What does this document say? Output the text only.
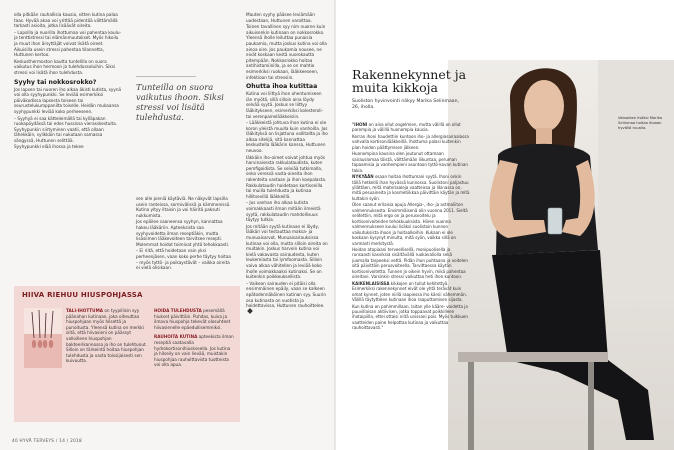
olla pitkään rauhallisia kausia, sitten kutina palaa taas. Hyvää akaa voi yrittää pidentää välttämällä tarkasti asioita, jotka lisäävät oireita.

– Lapsilla ja nuorilla ihottumaa voi pahentaa koulu- ja tenttistressi tai elämänmuutokset. Myös hikoilu ja muut ihon ärsyttäjät voivat lisätä oireet. Aikuisilla usein stressi pahentaa tilannetta, Huttunen kertoo.

Keskusthermoston kautta tuntelilla on suora vaikutus ihon hermoon ja tulehdussoluihin. Siksi stressi voi lisätä ihon tulehdusta.

Syyhy tai nokkosrokko?

Jos lapsen tai nuoren iho alkaa äkisti kutista, syynä voi olla syyhypunkki. Se leviää esimerkiksi päiväkodissa lapsesta toiseen tai seurustelukumppanilta toiselle. Heidän mukaansa syyhypunkki leviää koko perheeseen.

– Syyhyä ei saa kätteleimällä tai kylläpakan ruokapöydässä tai edes hussissa vierasskestuita. Syyhypunkin siirtyminen vaatii, että ollaan lähekkäin, sylikkäin tai nukutaan samassa sängyssä, Huttunen selittää.

Syyhypunkki elää ihossa ja tekee

Tunteilla on suora vaikutus ihoon. Siksi stressi voi lisätä tulehdusta.

sen alle pieniä käytäviä. Ne näkyvät lapsilla usein ranteissa, sormivälissä ja kämmenissä. Kutina yltyy iltaisin ja voi häiritä paksuti nukkumista.

Jos epäilee saaneensa syyhyn, kannattaa hakeu lääkäriin. Apteeksista saa syyhyvoidetta ilman reseptiäkin, mutta lisäsiimen lääkevoiteen tarvitsee resepti. Molemmat hoidot toimivat yhtä tehokkaasti.

– Ei riitä, että hoidetaan vain yksi perheenjäsen, vaan koko perhe täytyy hoitaa – myös tyttö- ja poikaystävät – vaikka oireita ei vielä olisikaan.

Mauten syyhy pääsee leviämään uudestaan, Huttunen varoittaa.

Toinen tavallinen syy nim nuoren kuin aikuisenkin kutinaan on nokkosrokko. Yleensä iholle leiluttaa punaisia paukamia, mutta joskus kutina voi olla ainoa oire. Jos paukamia nousee, ne eivät koskaan kestä vuorokautta pitempään. Nokkosrokko hoitaa antihistamiinilla, ja se on mahtio esimerkiksi ruokaan, lääkkeeseen, infektioon tai stressiin.

Ohutta ihoa kutittaa

Kutina voi liittyä ihon ohentumiseen iän myötä, sillä silloin aina löydy selvää syytä. Joskus se liittyy lääkitykseen, esimerkiksi kolesteroli- tai verenpainelääkkeisiin.

– Lääkkeistä johtuva ihon kutina ei ole koron yleistä muulla kuin vanhoilla. Jos lääkityksä on lisjattuna vallitallta ja iho alkaa sitelijä, sitä kannattaa keskustella lääkärin kanssa, Huttunen neuvoo.

Iäkkäiin iho-oireet voivat johtua myös harvinaisesta rakkulataudista, kuten pemfigoidista. Se selviää tutkimalla, onko veressä vasta-aineita ihon rakenteita vastaan ja ihon koepalasta. Rakkulataudin hoidetaan kortisonilla tai muilla tulehdusta ja kutinaa hillitsevillä lääkkeillä.

– Jos vanhan iho alkaa kutista voimakkaasti ilman mitään ilmeistä syytä, rakkulataudin mahdollisuus täytyy tutkia.

Jos mitään syytä kutinaan ei löydy, lääkäri voi testauttaa maksa- ja munuaisarvot. Munuaisairauksissa kutinaa voi olla, mutta silloin oireita on muitakin. Joskus harvoin kutina voi kielä vakavasta sairaudesta, kuten leukemiasta tai lymfoomasta. Silloin vaiva alkaa vähitellen ja leviää koko iholle voimakkaaksi kutinaksi. Se on kuitenkin poikkeuksellista.

– Vaikean sairauden ei pitäisi olla ensimmäinen epäily, vaan se kalkeen epätodennäköinen kutinan syy. Suurin osa kutinasta on vuotista ja hoidettavissa, Huttunen rauhoittelee.

HIIVA RIEHUU HIUSPOHJASSA
TALI-IHOTTUMA on tyypillisin syy päänahan kutinaan, joka oiheuttaa hiuspohjaan myös hilsettä ja punoitusta. Yleensä kutina on merkki siitä, että hiivasieni on päässyt valloilleen hiuspohjan bakteerikannossa ja iho on tulehtunut. Silloin on tärkeintä hoitaa hiuspohjan tulehdusta ja vasta toissijaisesti sen kuivuutta.
HOIDA TULEHDUSTA pesemällä hiukset päivittäin. Puhdas, kuiva ja ilmava hiuspohja tekevät olosuhteet hiivasienelle epäedullisemmiksi.
RAUHOITA KUTINA apteekista ilman reseptiä saatavalla hydrokortisonihiuskseella. Jos kutina ja hilseily on vain lievää, muistakin hiuspohjaa rauhoittavista tuotteista voi olla apua.
40 HYVÄ TERVEYS / 14 / 2018
Vatsaiden lisäksi Marika Selinmaa hoitaa ihoaan hyvällä ruualla.
Rakennekynnet ja muita kikkoja
Suoliston hyvinvointi näkyy Marika Selinmaan, 26, iholla.

"IHONI on aina ollut ongelmien, mutta välillä on ollut parempia ja välillä huonompia kausia.

Kerran ihoni haudettiin kuntoon iho- ja allergiasairaalassa vahvalla kortisonilääkkeillä. Ihottuma palasi kuitenkin pian hoidon päättymisen jälkeen.

Huonompina kausina olen joutunut ottamaan sairauslomaa töistä, välttämään liikuntaa, peruman tapaamisia ja vanhempieni asuntoon tyttö-kovan kutinan takia.

NYKYÄÄN osaan hoitaa ihottumani syytä. Ihoni onkin tällä hetkellä ihan hyvässä kunnossa. Suolistoni paljastuu yllättäen, mitä materiaaleja vaatteissa ja likinassa on, mitä pesuaineita ja kosmetiikkaa päivittäin käytän ja mitä kultakin syön.

Olen saanut erilaisia apuja Allergia-, iho- ja astmaliiton valmennuksesta. Ensimmäisenä olin vuonna 2011. Sieltä selitettiin, mitä ergo on ja perusvoitelu ja kortisonivoiteiden tehokkuuksista. Hiiren vuonna valmennukseen kuului lisäksi suolistoin kunnon vaikutuksista ihoon ja hoitaalkoihin. Kukaan ei ole koskaan kysynyt minulta, mitä syön, vaikka sillä on varmasti merkitystä.

Hoidan atopiaani terveellisellä, monipuolisella ja runsaasti kasviksia sisältävällä ruokavaliolla sekä juomalla tarpeeksi vettä. Pidän ihon puhtaana ja voitelen sitä päivittäin perusvoiteella. Tarvittaessa käytän kortisonivoitetta. Tunnen jo oikein hyvin, mikä pahentaa oireitani. Varsinkin stressi vaikuttaa heti ihon kuntoon.

KAIKENLAISISSA kikkojen on tullut kehitettyä. Esimerkiksi rakennekynnet eivät ole yhtä terävät kuin omat kynnet, joten niillä raapiessa iho kärsii vähemmän. Välillä täytyttelen kutinaan ihoa raaputtamisen sijasta.

Kun kutina on pahimmillaan, laitan ylle kääre- voidetta ja puuvillaisan aktiivisen, jotka toppaavat poikkilleen ihotaipiilla, ettei ottaisi niitä unissani pois. Myös tuikkuen vaatteiden paine helpottaa kutinaa ja vaikuttaa rauhoittavasti."
